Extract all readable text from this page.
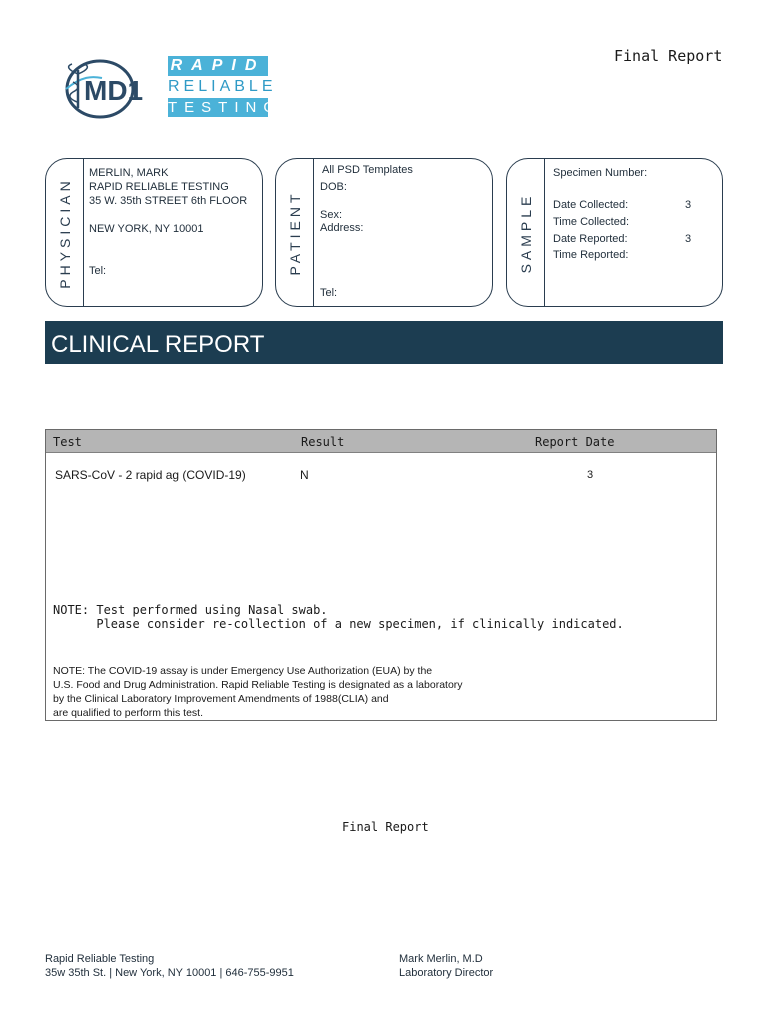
Final Report
MD1
RAPID
RELIABLE
TESTING
PHYSICIAN
MERLIN, MARK
RAPID RELIABLE TESTING
35 W. 35th STREET 6th FLOOR
NEW YORK, NY 10001
Tel:	PATIENT
All PSD Templates
DOB:
Sex:
Address:
Tel:
SAMPLE
Specimen Number:
Date Collected:	3
Time Collected:
Date Reported:	3
Time Reported:
CLINICAL REPORT
Test	Result	Report Date
SARS-CoV - 2 rapid ag (COVID-19)	N	3
NOTE: Test performed using Nasal swab.
Please consider re-collection of a new specimen, if clinically indicated.
NOTE: The COVID-19 assay is under Emergency Use Authorization (EUA) by the
U.S. Food and Drug Administration. Rapid Reliable Testing is designated as a laboratory
by the Clinical Laboratory Improvement Amendments of 1988(CLIA) and
are qualified to perform this test.
Final Report
Rapid Reliable Testing
35w 35th St. | New York, NY 10001 | 646-755-9951
Mark Merlin, M.D
Laboratory Director
